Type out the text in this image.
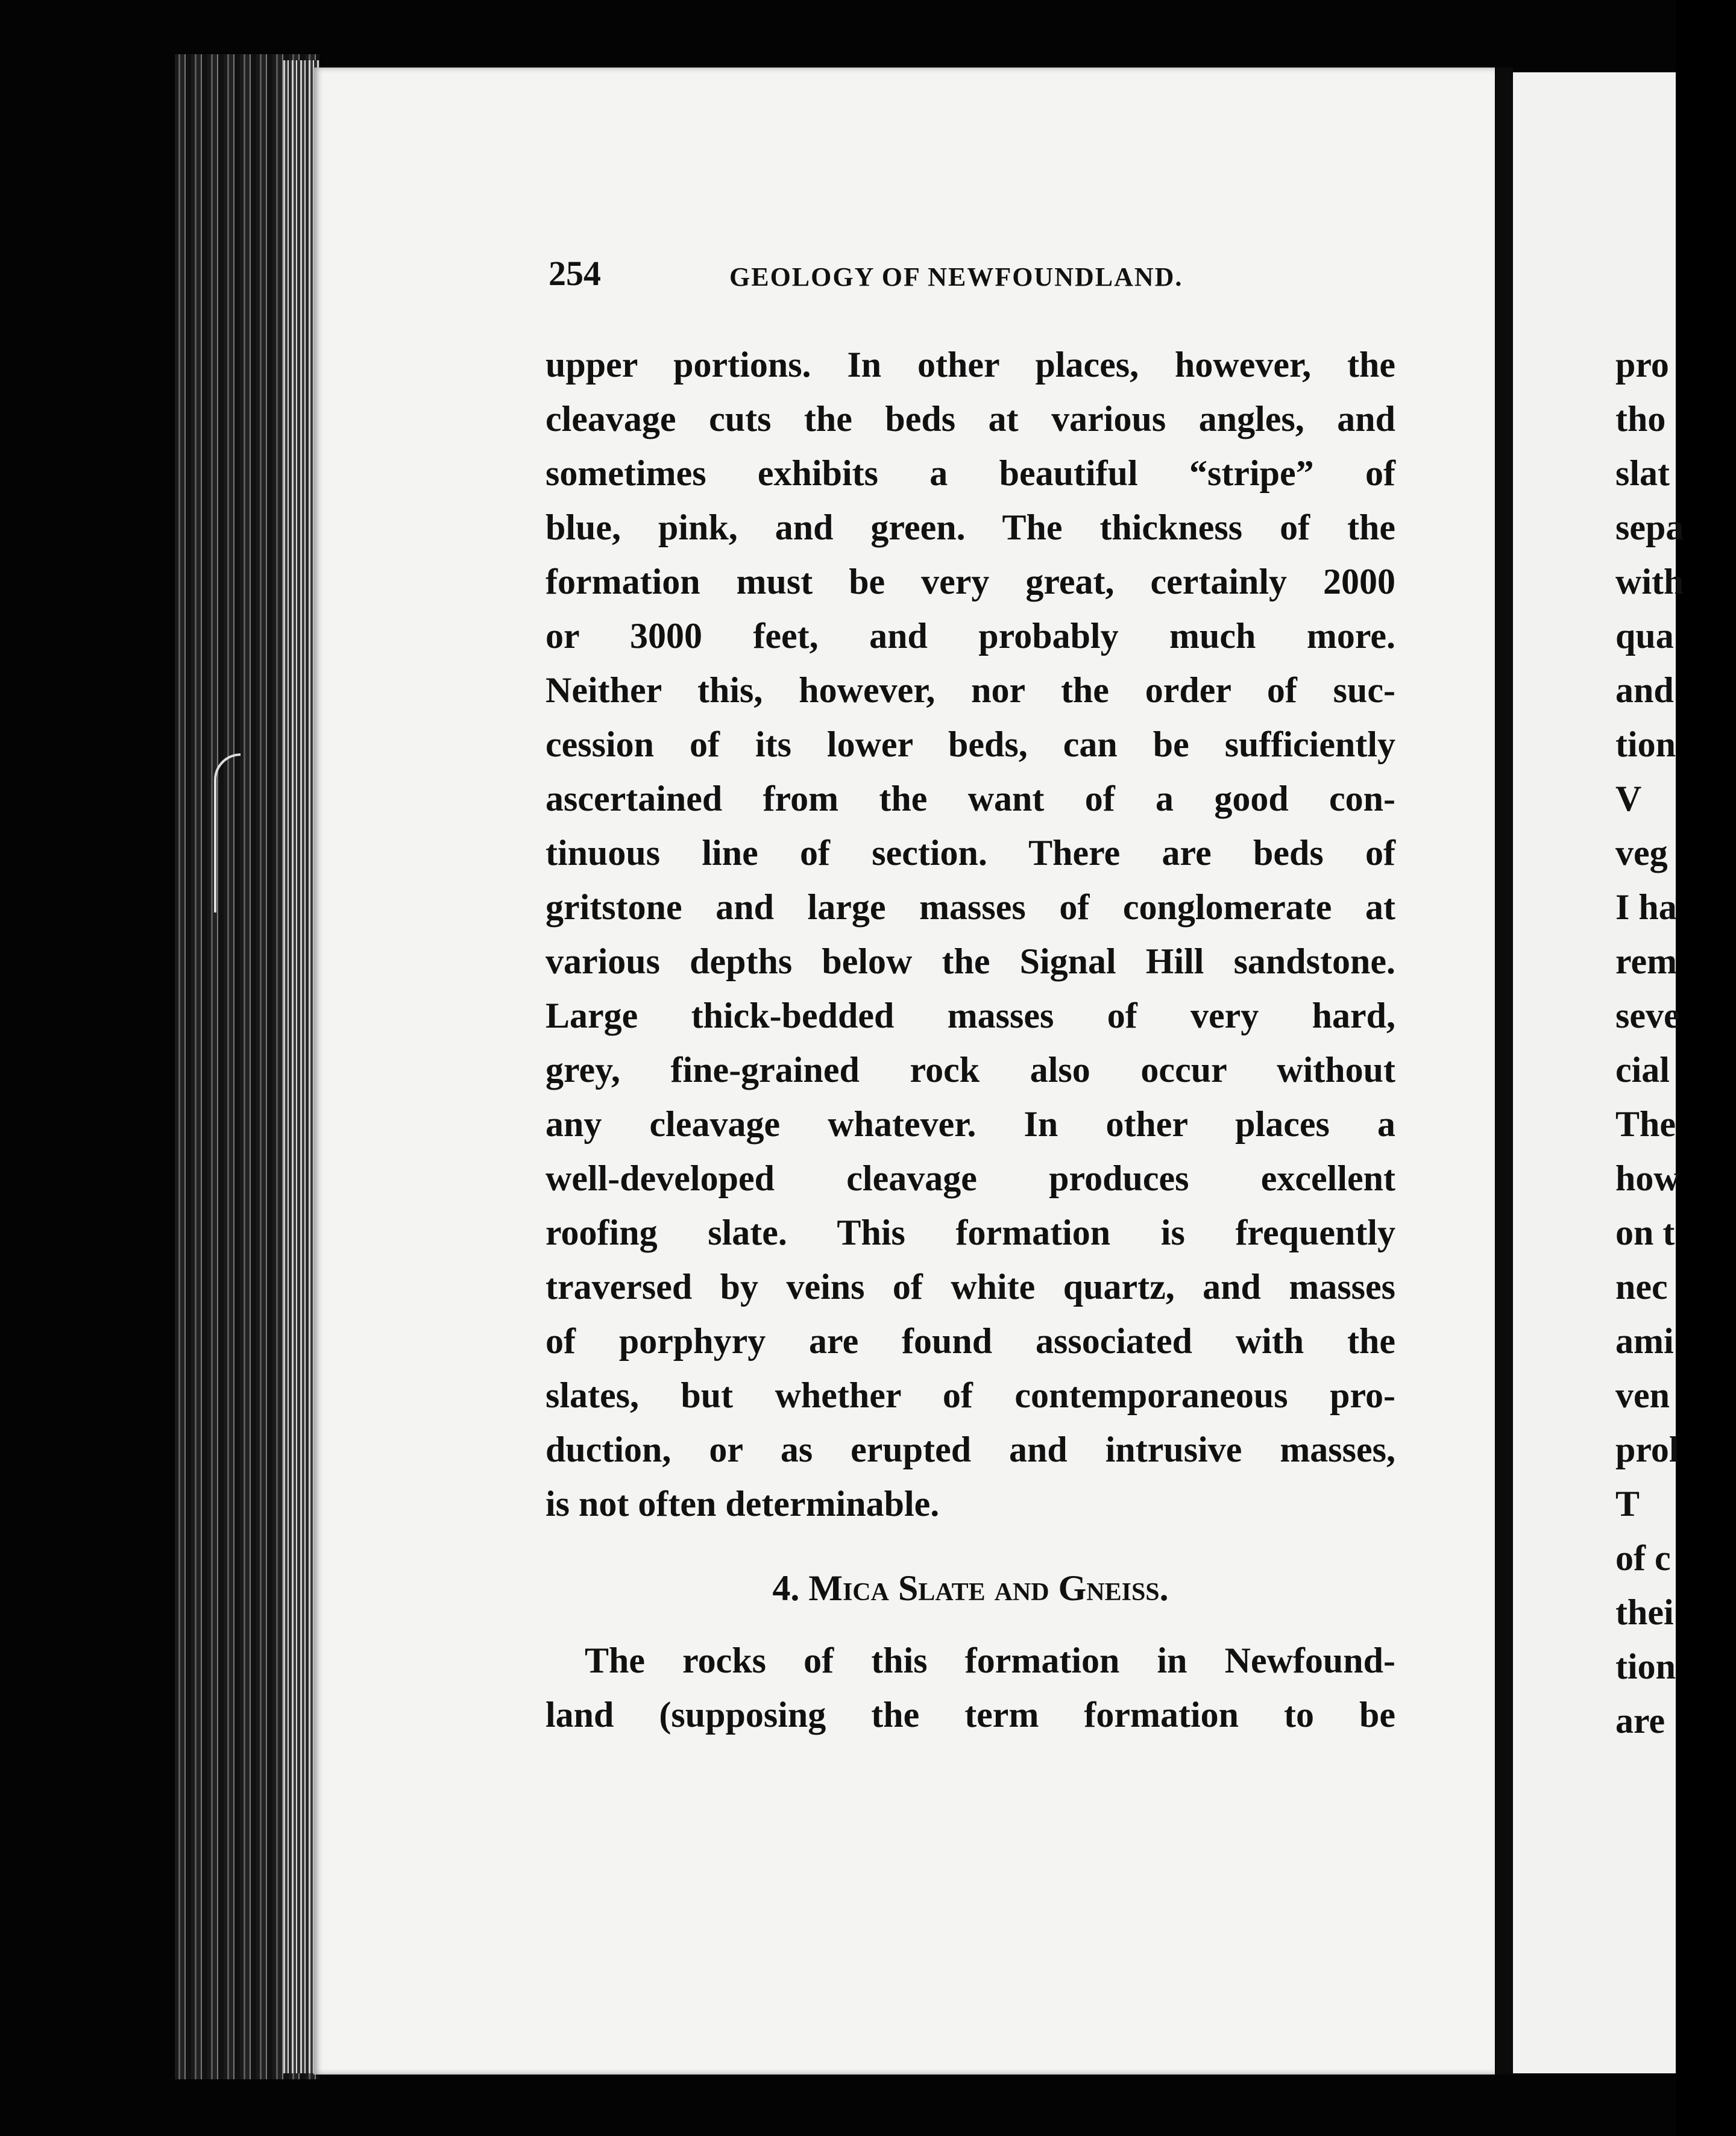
254	GEOLOGY OF NEWFOUNDLAND.
upper portions. In other places, however, the
cleavage cuts the beds at various angles, and
sometimes exhibits a beautiful “stripe” of
blue, pink, and green. The thickness of the
formation must be very great, certainly 2000
or 3000 feet, and probably much more.
Neither this, however, nor the order of suc-
cession of its lower beds, can be sufficiently
ascertained from the want of a good con-
tinuous line of section. There are beds of
gritstone and large masses of conglomerate at
various depths below the Signal Hill sandstone.
Large thick-bedded masses of very hard,
grey, fine-grained rock also occur without
any cleavage whatever. In other places a
well-developed cleavage produces excellent
roofing slate. This formation is frequently
traversed by veins of white quartz, and masses
of porphyry are found associated with the
slates, but whether of contemporaneous pro-
duction, or as erupted and intrusive masses,
is not often determinable.
4. Mica Slate and Gneiss.
The rocks of this formation in Newfound-
land (supposing the term formation to be
pro
tho
slat
sepa
with
qua
and
tion
V
veg
I ha
rem
seve
cial
The
how
on t
nec
ami
ven
prol
T
of c
thei
tion
are
